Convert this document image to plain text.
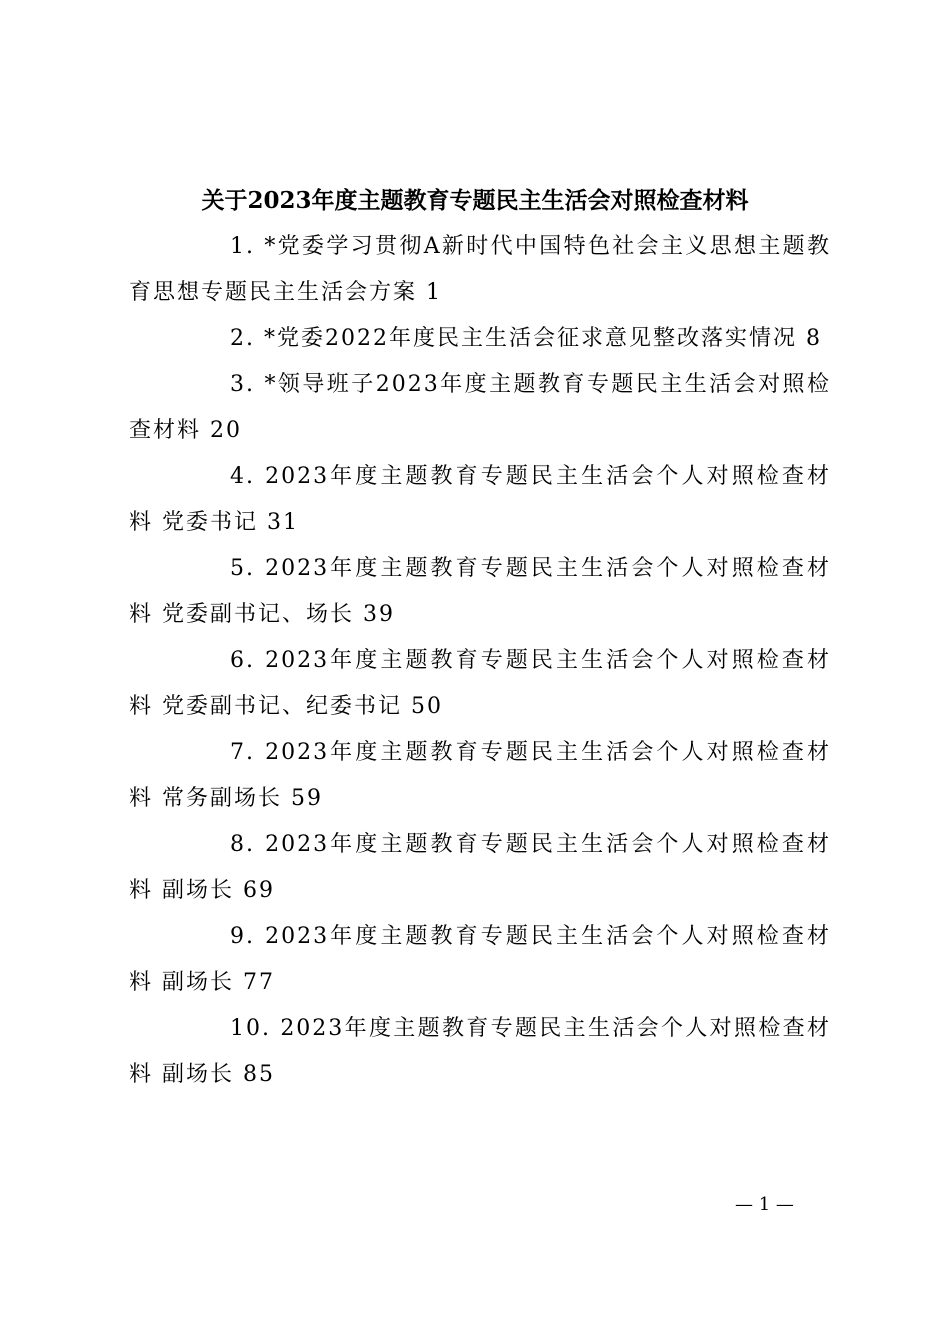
关于2023年度主题教育专题民主生活会对照检查材料

1. *党委学习贯彻A新时代中国特色社会主义思想主题教育思想专题民主生活会方案 1

2. *党委2022年度民主生活会征求意见整改落实情况 8

3. *领导班子2023年度主题教育专题民主生活会对照检查材料 20

4. 2023年度主题教育专题民主生活会个人对照检查材料 党委书记 31

5. 2023年度主题教育专题民主生活会个人对照检查材料 党委副书记、场长 39

6. 2023年度主题教育专题民主生活会个人对照检查材料 党委副书记、纪委书记 50

7. 2023年度主题教育专题民主生活会个人对照检查材料 常务副场长 59

8. 2023年度主题教育专题民主生活会个人对照检查材料 副场长 69

9. 2023年度主题教育专题民主生活会个人对照检查材料 副场长 77

10. 2023年度主题教育专题民主生活会个人对照检查材料 副场长 85

— 1 —
